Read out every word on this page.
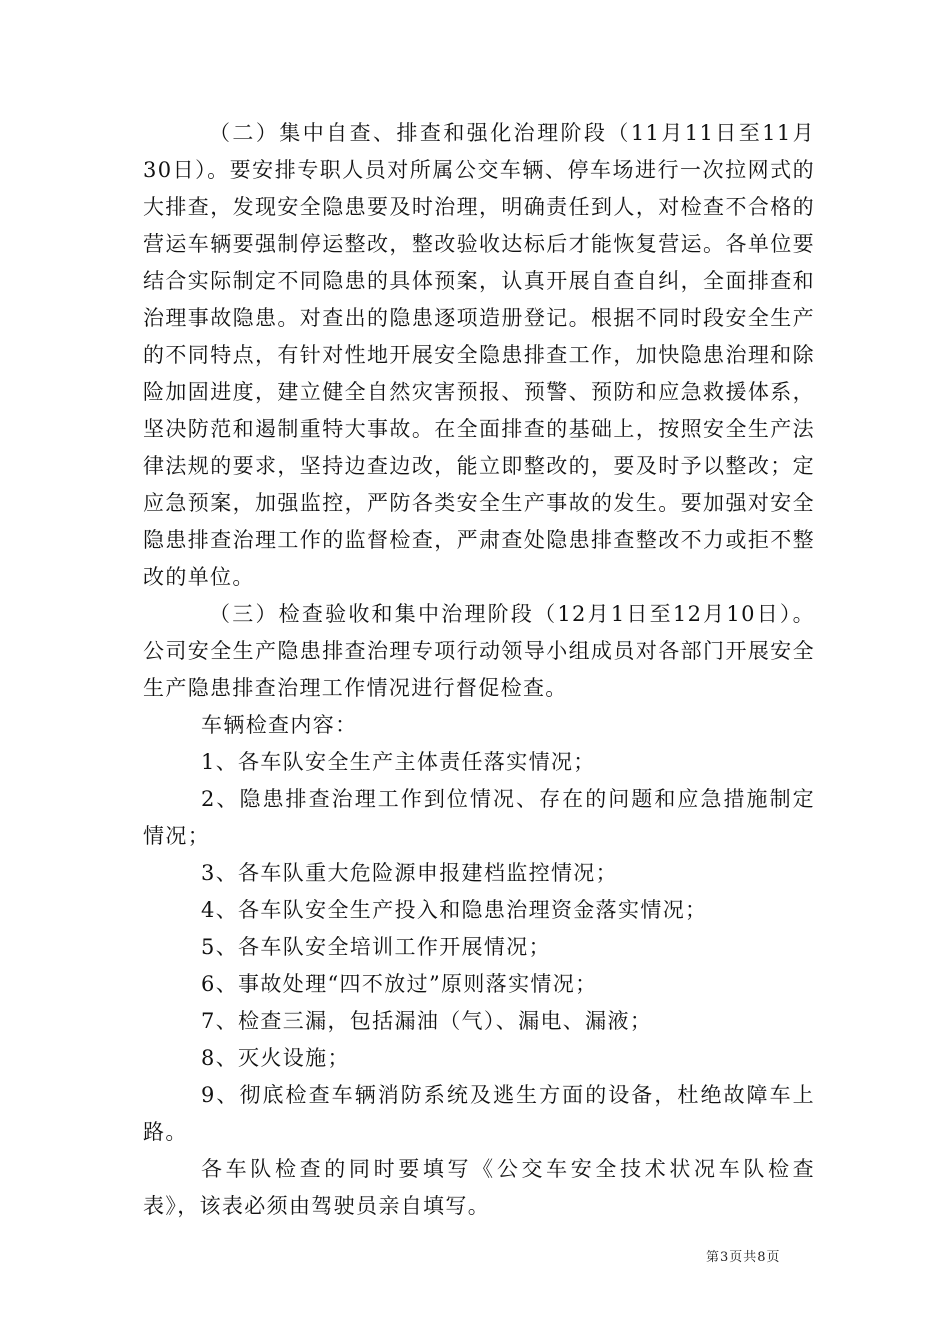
（二）集中自查、排查和强化治理阶段（11月11日至11月30日）。要安排专职人员对所属公交车辆、停车场进行一次拉网式的大排查，发现安全隐患要及时治理，明确责任到人，对检查不合格的营运车辆要强制停运整改，整改验收达标后才能恢复营运。各单位要结合实际制定不同隐患的具体预案，认真开展自查自纠，全面排查和治理事故隐患。对查出的隐患逐项造册登记。根据不同时段安全生产的不同特点，有针对性地开展安全隐患排查工作，加快隐患治理和除险加固进度，建立健全自然灾害预报、预警、预防和应急救援体系，坚决防范和遏制重特大事故。在全面排查的基础上，按照安全生产法律法规的要求，坚持边查边改，能立即整改的，要及时予以整改；定应急预案，加强监控，严防各类安全生产事故的发生。要加强对安全隐患排查治理工作的监督检查，严肃查处隐患排查整改不力或拒不整改的单位。

（三）检查验收和集中治理阶段（12月1日至12月10日）。公司安全生产隐患排查治理专项行动领导小组成员对各部门开展安全生产隐患排查治理工作情况进行督促检查。

车辆检查内容：

1、各车队安全生产主体责任落实情况；

2、隐患排查治理工作到位情况、存在的问题和应急措施制定情况；

3、各车队重大危险源申报建档监控情况；

4、各车队安全生产投入和隐患治理资金落实情况；

5、各车队安全培训工作开展情况；

6、事故处理“四不放过”原则落实情况；

7、检查三漏，包括漏油（气）、漏电、漏液；

8、灭火设施；

9、彻底检查车辆消防系统及逃生方面的设备，杜绝故障车上路。

各车队检查的同时要填写《公交车安全技术状况车队检查表》，该表必须由驾驶员亲自填写。

第3页共8页
